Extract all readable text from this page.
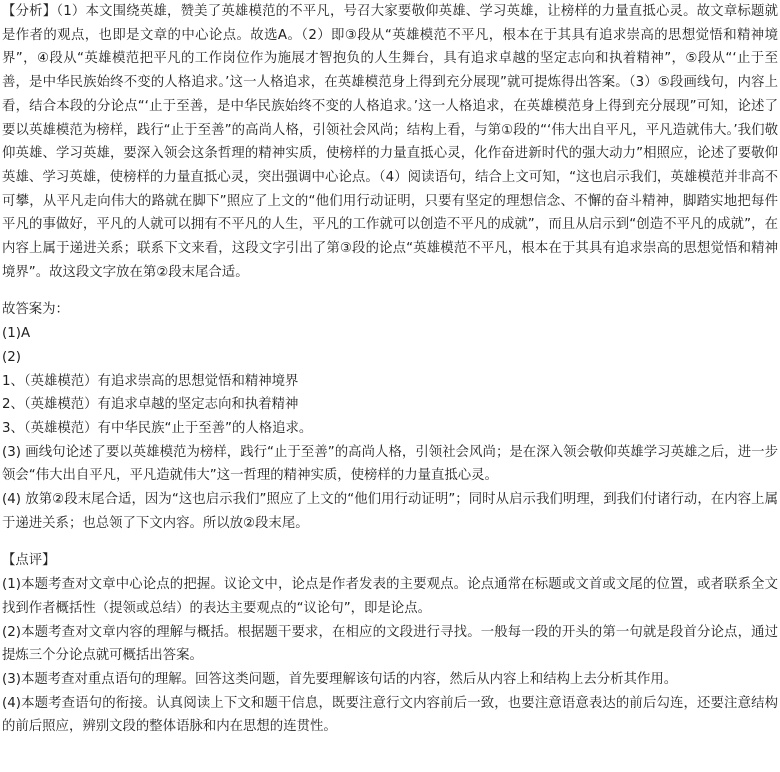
【分析】（1）本文围绕英雄，赞美了英雄模范的不平凡，号召大家要敬仰英雄、学习英雄，让榜样的力量直抵心灵。故文章标题就是作者的观点，也即是文章的中心论点。故选A。（2）即③段从“英雄模范不平凡，根本在于其具有追求崇高的思想觉悟和精神境界”，④段从“英雄模范把平凡的工作岗位作为施展才智抱负的人生舞台，具有追求卓越的坚定志向和执着精神”，⑤段从“‘止于至善，是中华民族始终不变的人格追求。’这一人格追求，在英雄模范身上得到充分展现”就可提炼得出答案。（3）⑤段画线句，内容上看，结合本段的分论点“‘止于至善，是中华民族始终不变的人格追求。’这一人格追求，在英雄模范身上得到充分展现”可知，论述了要以英雄模范为榜样，践行“止于至善”的高尚人格，引领社会风尚；结构上看，与第①段的“‘伟大出自平凡，平凡造就伟大。’我们敬仰英雄、学习英雄，要深入领会这条哲理的精神实质，使榜样的力量直抵心灵，化作奋进新时代的强大动力”相照应，论述了要敬仰英雄、学习英雄，使榜样的力量直抵心灵，突出强调中心论点。（4）阅读语句，结合上文可知，“这也启示我们，英雄模范并非高不可攀，从平凡走向伟大的路就在脚下”照应了上文的“他们用行动证明，只要有坚定的理想信念、不懈的奋斗精神，脚踏实地把每件平凡的事做好，平凡的人就可以拥有不平凡的人生，平凡的工作就可以创造不平凡的成就”，而且从启示到“创造不平凡的成就”，在内容上属于递进关系；联系下文来看，这段文字引出了第③段的论点“英雄模范不平凡，根本在于其具有追求崇高的思想觉悟和精神境界”。故这段文字放在第②段末尾合适。

故答案为：

(1)A

(2)

1、（英雄模范）有追求崇高的思想觉悟和精神境界

2、（英雄模范）有追求卓越的坚定志向和执着精神

3、（英雄模范）有中华民族“止于至善”的人格追求。

(3) 画线句论述了要以英雄模范为榜样，践行“止于至善”的高尚人格，引领社会风尚；是在深入领会敬仰英雄学习英雄之后，进一步领会“伟大出自平凡，平凡造就伟大”这一哲理的精神实质，使榜样的力量直抵心灵。

(4) 放第②段末尾合适，因为“这也启示我们”照应了上文的“他们用行动证明”；同时从启示我们明理，到我们付诸行动，在内容上属于递进关系；也总领了下文内容。所以放②段末尾。

【点评】

(1)本题考查对文章中心论点的把握。议论文中，论点是作者发表的主要观点。论点通常在标题或文首或文尾的位置，或者联系全文找到作者概括性（提领或总结）的表达主要观点的“议论句”，即是论点。

(2)本题考查对文章内容的理解与概括。根据题干要求，在相应的文段进行寻找。一般每一段的开头的第一句就是段首分论点，通过提炼三个分论点就可概括出答案。

(3)本题考查对重点语句的理解。回答这类问题，首先要理解该句话的内容，然后从内容上和结构上去分析其作用。

(4)本题考查语句的衔接。认真阅读上下文和题干信息，既要注意行文内容前后一致，也要注意语意表达的前后勾连，还要注意结构的前后照应，辨别文段的整体语脉和内在思想的连贯性。
